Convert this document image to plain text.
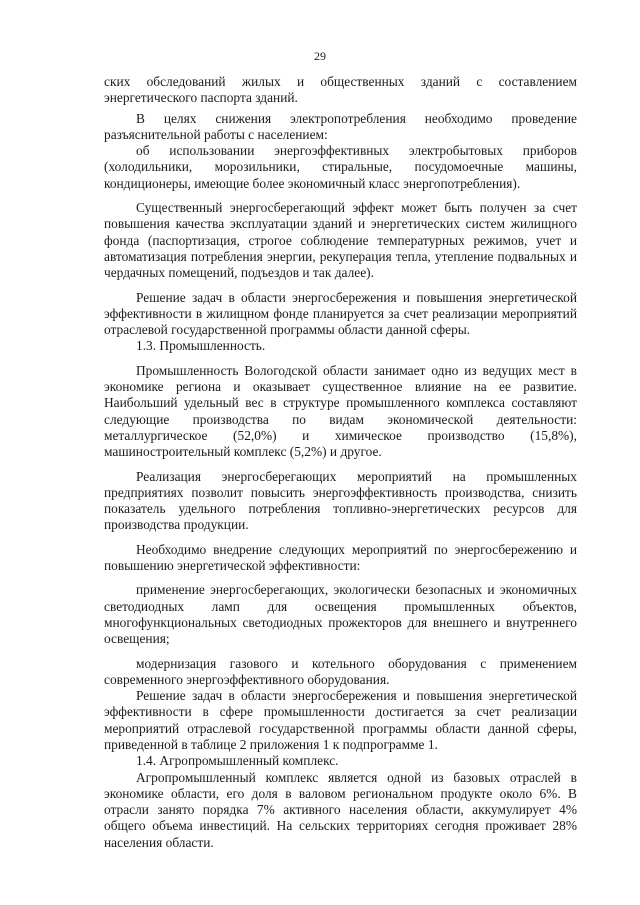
29

ских обследований жилых и общественных зданий с составлением энергетического паспорта зданий.

В целях снижения электропотребления необходимо проведение разъяснительной работы с населением:

об использовании энергоэффективных электробытовых приборов (холодильники, морозильники, стиральные, посудомоечные машины, кондиционеры, имеющие более экономичный класс энергопотребления).

Существенный энергосберегающий эффект может быть получен за счет повышения качества эксплуатации зданий и энергетических систем жилищного фонда (паспортизация, строгое соблюдение температурных режимов, учет и автоматизация потребления энергии, рекуперация тепла, утепление подвальных и чердачных помещений, подъездов и так далее).

Решение задач в области энергосбережения и повышения энергетической эффективности в жилищном фонде планируется за счет реализации мероприятий отраслевой государственной программы области данной сферы.

1.3. Промышленность.

Промышленность Вологодской области занимает одно из ведущих мест в экономике региона и оказывает существенное влияние на ее развитие. Наибольший удельный вес в структуре промышленного комплекса составляют следующие производства по видам экономической деятельности: металлургическое (52,0%) и химическое производство (15,8%), машиностроительный комплекс (5,2%) и другое.

Реализация энергосберегающих мероприятий на промышленных предприятиях позволит повысить энергоэффективность производства, снизить показатель удельного потребления топливно-энергетических ресурсов для производства продукции.

Необходимо внедрение следующих мероприятий по энергосбережению и повышению энергетической эффективности:

применение энергосберегающих, экологически безопасных и экономичных светодиодных ламп для освещения промышленных объектов, многофункциональных светодиодных прожекторов для внешнего и внутреннего освещения;

модернизация газового и котельного оборудования с применением современного энергоэффективного оборудования.

Решение задач в области энергосбережения и повышения энергетической эффективности в сфере промышленности достигается за счет реализации мероприятий отраслевой государственной программы области данной сферы, приведенной в таблице 2 приложения 1 к подпрограмме 1.

1.4. Агропромышленный комплекс.

Агропромышленный комплекс является одной из базовых отраслей в экономике области, его доля в валовом региональном продукте около 6%. В отрасли занято порядка 7% активного населения области, аккумулирует 4% общего объема инвестиций. На сельских территориях сегодня проживает 28% населения области.
